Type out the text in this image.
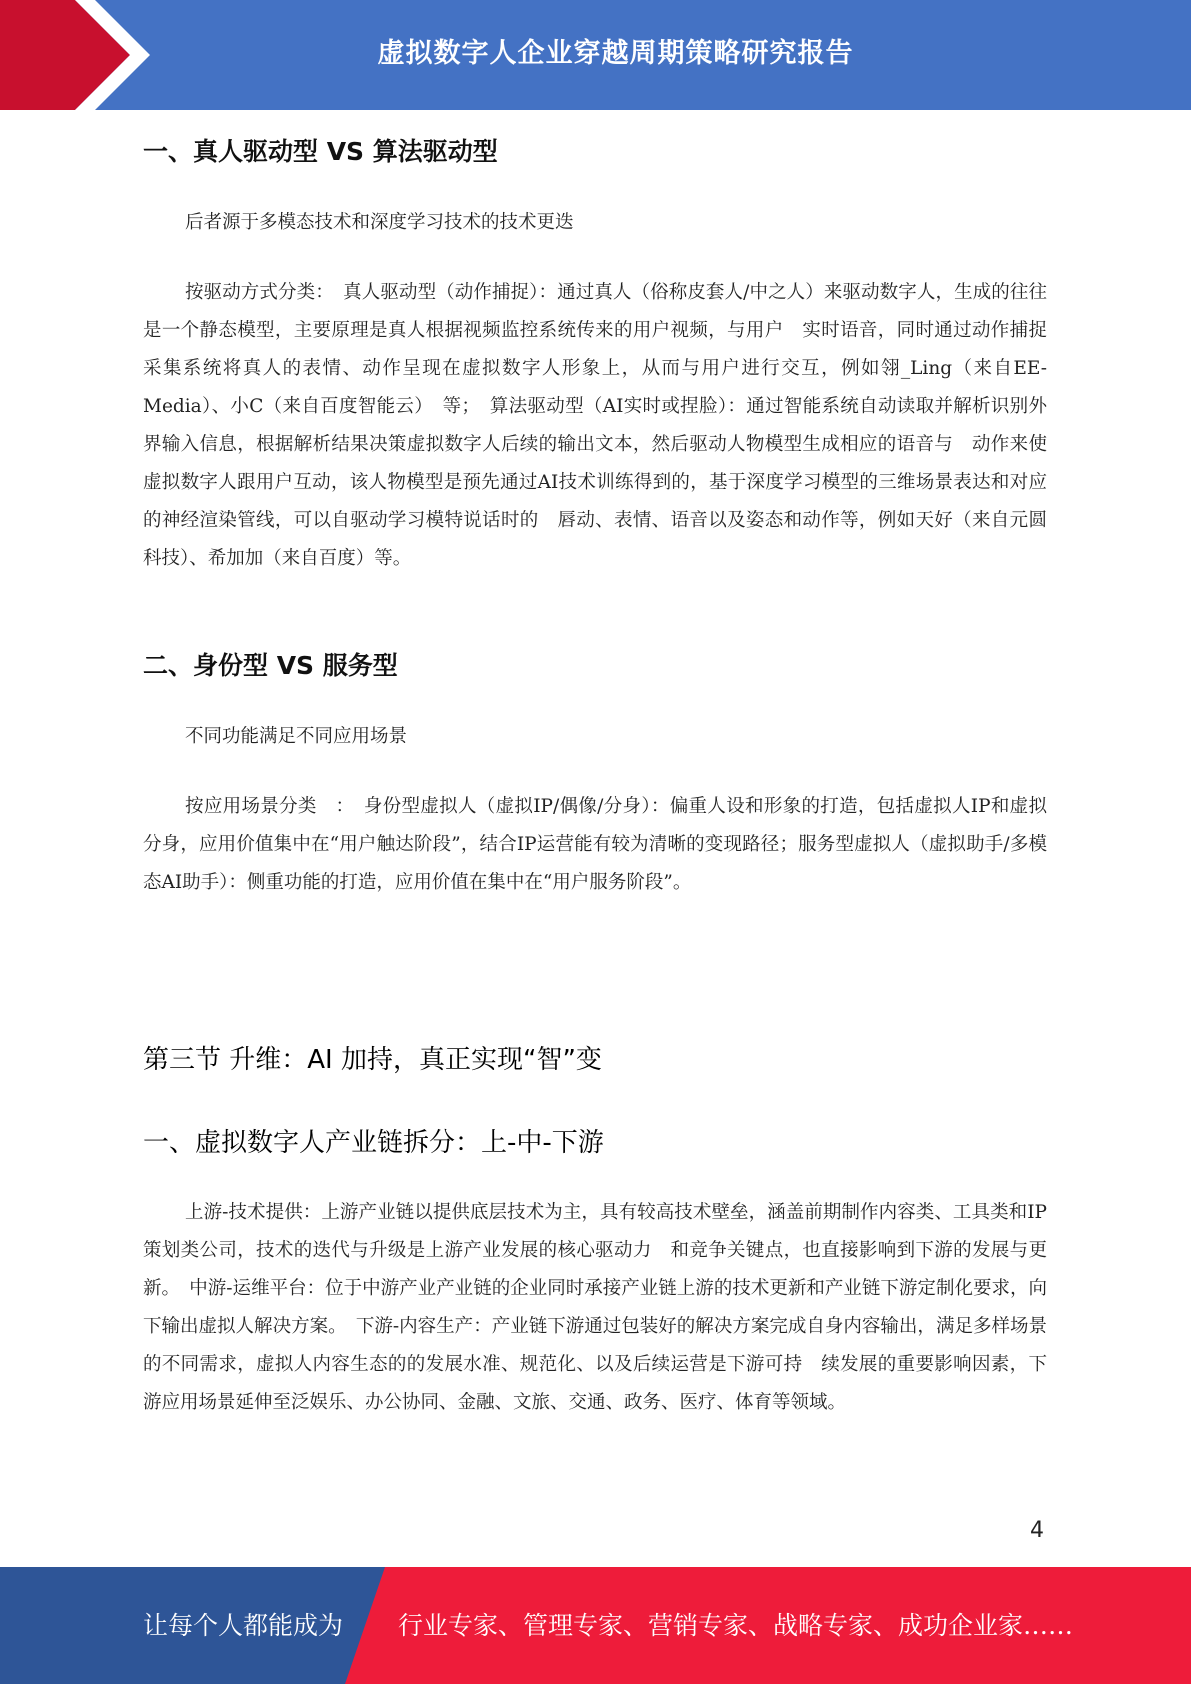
虚拟数字人企业穿越周期策略研究报告
一、真人驱动型 VS 算法驱动型
后者源于多模态技术和深度学习技术的技术更迭
按驱动方式分类：　真人驱动型（动作捕捉）：通过真人（俗称皮套人/中之人）来驱动数字人，生成的往往是一个静态模型，主要原理是真人根据视频监控系统传来的用户视频，与用户　实时语音，同时通过动作捕捉采集系统将真人的表情、动作呈现在虚拟数字人形象上，从而与用户进行交互，例如翎_Ling（来自EE-Media）、小C（来自百度智能云）　等；　算法驱动型（AI实时或捏脸）：通过智能系统自动读取并解析识别外界输入信息，根据解析结果决策虚拟数字人后续的输出文本，然后驱动人物模型生成相应的语音与　动作来使虚拟数字人跟用户互动，该人物模型是预先通过AI技术训练得到的，基于深度学习模型的三维场景表达和对应的神经渲染管线，可以自驱动学习模特说话时的　唇动、表情、语音以及姿态和动作等，例如天好（来自元圆科技）、希加加（来自百度）等。
二、身份型 VS 服务型
不同功能满足不同应用场景
按应用场景分类　：　身份型虚拟人（虚拟IP/偶像/分身）：偏重人设和形象的打造，包括虚拟人IP和虚拟分身，应用价值集中在“用户触达阶段”，结合IP运营能有较为清晰的变现路径；服务型虚拟人（虚拟助手/多模态AI助手）：侧重功能的打造，应用价值在集中在“用户服务阶段”。
第三节 升维：AI 加持，真正实现“智”变
一、虚拟数字人产业链拆分：上-中-下游
上游-技术提供：上游产业链以提供底层技术为主，具有较高技术壁垒，涵盖前期制作内容类、工具类和IP策划类公司，技术的迭代与升级是上游产业发展的核心驱动力　和竞争关键点，也直接影响到下游的发展与更新。　中游-运维平台：位于中游产业产业链的企业同时承接产业链上游的技术更新和产业链下游定制化要求，向下输出虚拟人解决方案。　下游-内容生产：产业链下游通过包装好的解决方案完成自身内容输出，满足多样场景的不同需求，虚拟人内容生态的的发展水准、规范化、以及后续运营是下游可持　续发展的重要影响因素，下游应用场景延伸至泛娱乐、办公协同、金融、文旅、交通、政务、医疗、体育等领域。
4
让每个人都能成为 行业专家、管理专家、营销专家、战略专家、成功企业家……
